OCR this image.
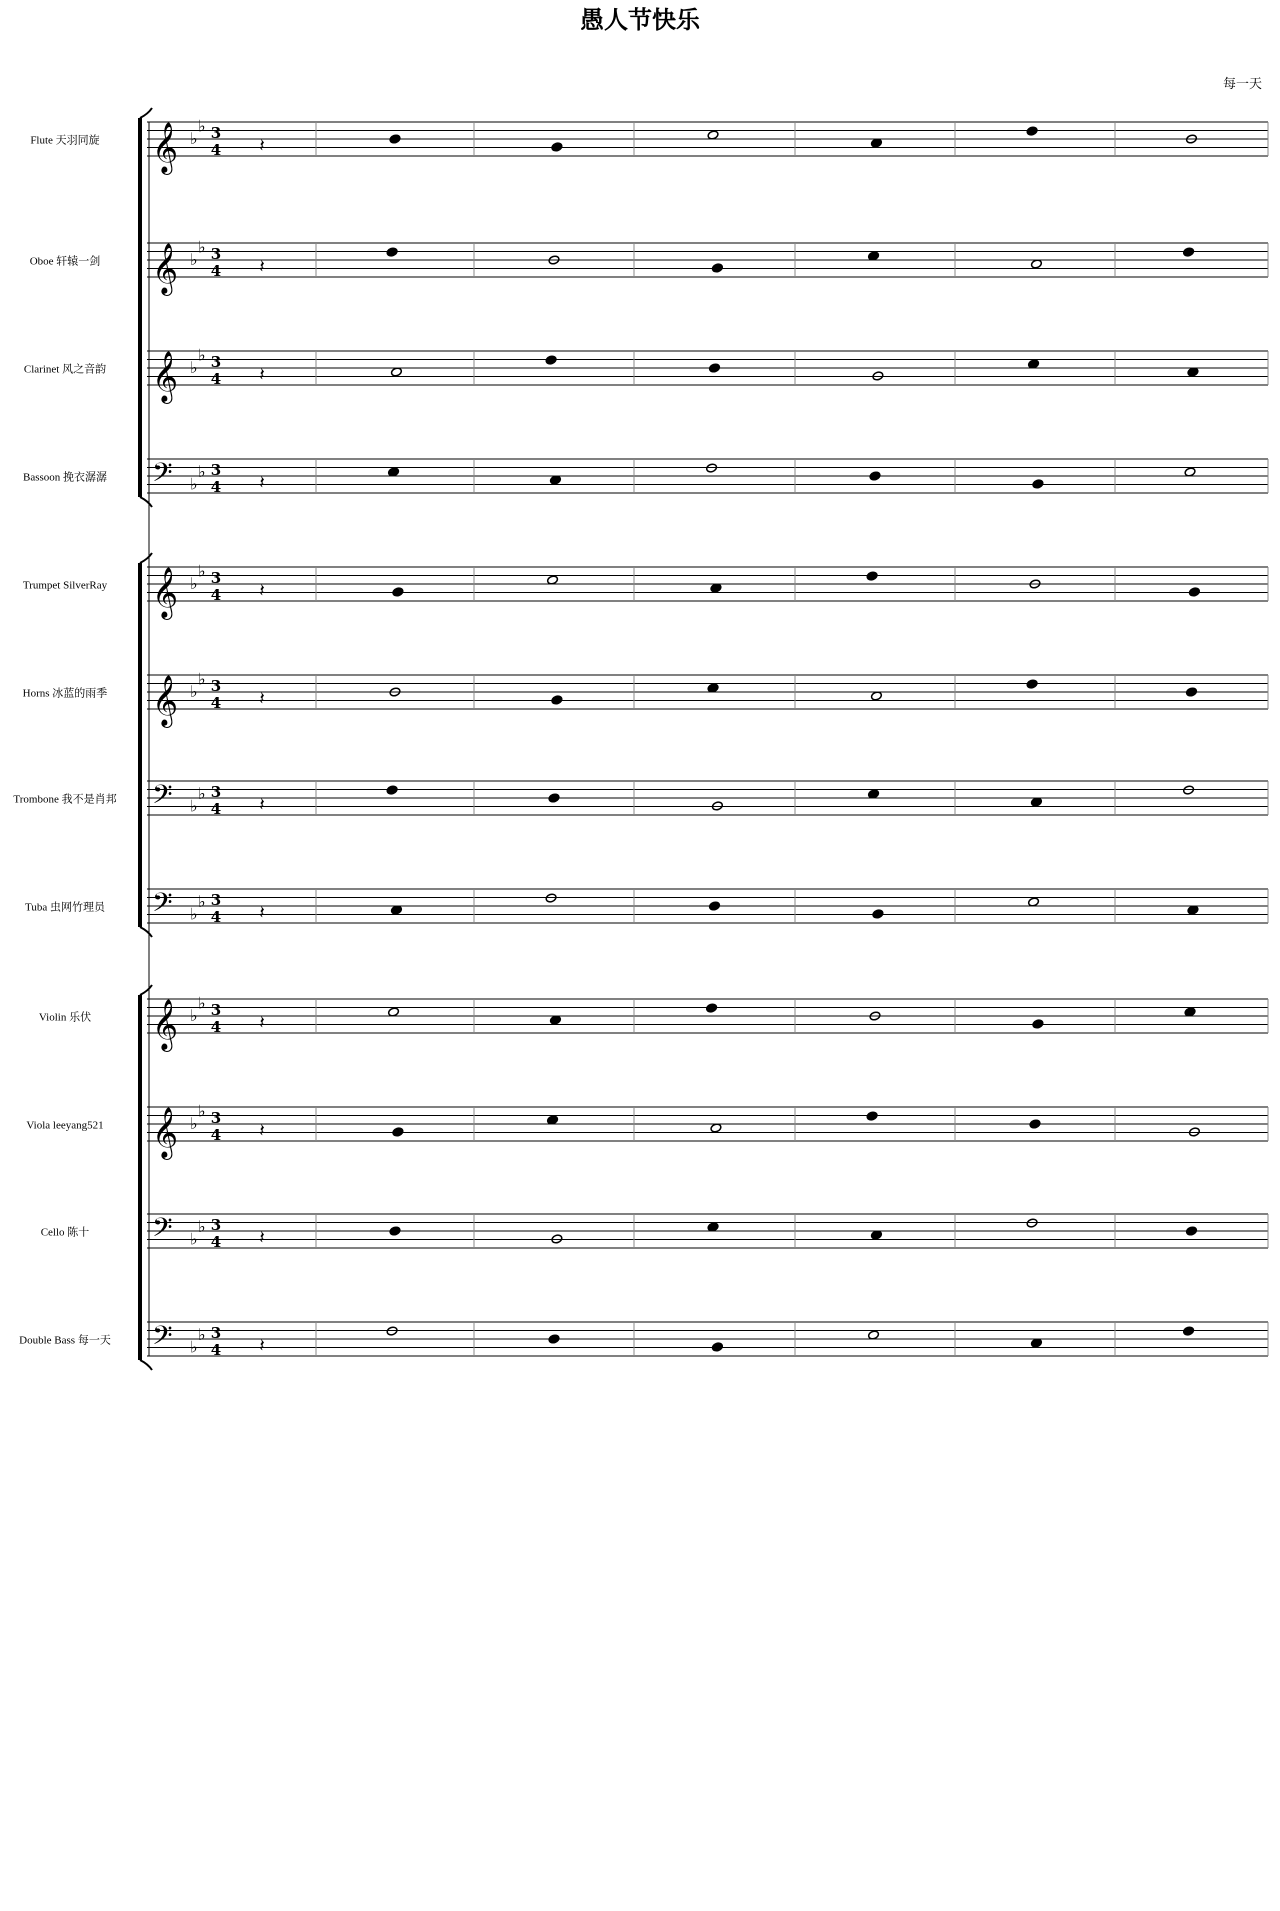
愚人节快乐
每一天
Flute 天羽同旋 𝄞 ♭
♭ 3
4 𝄽
Oboe 轩辕一剑 𝄞 ♭
♭ 3
4 𝄽
Clarinet 风之音韵 𝄞 ♭
♭ 3
4 𝄽
Bassoon 挽衣潺潺 𝄢 ♭
♭ 3
4 𝄽
Trumpet SilverRay 𝄞 ♭
♭ 3
4 𝄽
Horns 冰蓝的雨季 𝄞 ♭
♭ 3
4 𝄽
Trombone 我不是肖邦 𝄢 ♭
♭ 3
4 𝄽
Tuba 虫网竹理员 𝄢 ♭
♭ 3
4 𝄽
Violin 乐伏 𝄞 ♭
♭ 3
4 𝄽
Viola leeyang521 𝄞 ♭
♭ 3
4 𝄽
Cello 陈十 𝄢 ♭
♭ 3
4 𝄽
Double Bass 每一天 𝄢 ♭
♭ 3
4 𝄽
